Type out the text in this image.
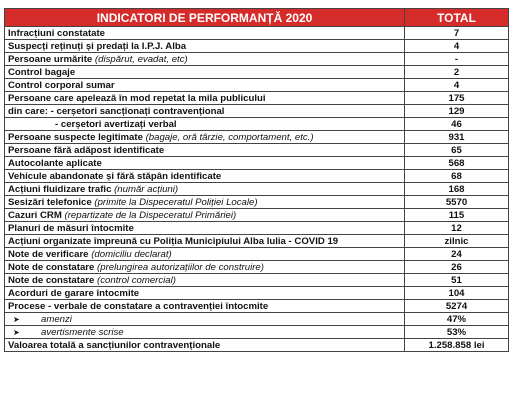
INDICATORI DE PERFORMANȚĂ 2020	TOTAL
Infracțiuni constatate	7
Suspecți reținuți și predați la I.P.J. Alba	4
Persoane urmărite (dispărut, evadat, etc)	-
Control bagaje	2
Control corporal sumar	4
Persoane care apelează în mod repetat la mila publicului	175
din care: - cerșetori sancționați contravențional	129
- cerșetori avertizați verbal	46
Persoane suspecte legitimate (bagaje, oră târzie, comportament, etc.)	931
Persoane fără adăpost identificate	65
Autocolante aplicate	568
Vehicule abandonate și fără stăpân identificate	68
Acțiuni fluidizare trafic (număr acțiuni)	168
Sesizări telefonice (primite la Dispeceratul Poliției Locale)	5570
Cazuri CRM (repartizate de la Dispeceratul Primăriei)	115
Planuri de măsuri întocmite	12
Acțiuni organizate împreună cu Poliția Municipiului Alba Iulia - COVID 19	zilnic
Note de verificare (domiciliu declarat)	24
Note de constatare (prelungirea autorizațiilor de construire)	26
Note de constatare (control comercial)	51
Acorduri de garare întocmite	104
Procese - verbale de constatare a contravenției întocmite	5274
➤ amenzi	47%
➤ avertismente scrise	53%
Valoarea totală a sancțiunilor contravenționale	1.258.858 lei
